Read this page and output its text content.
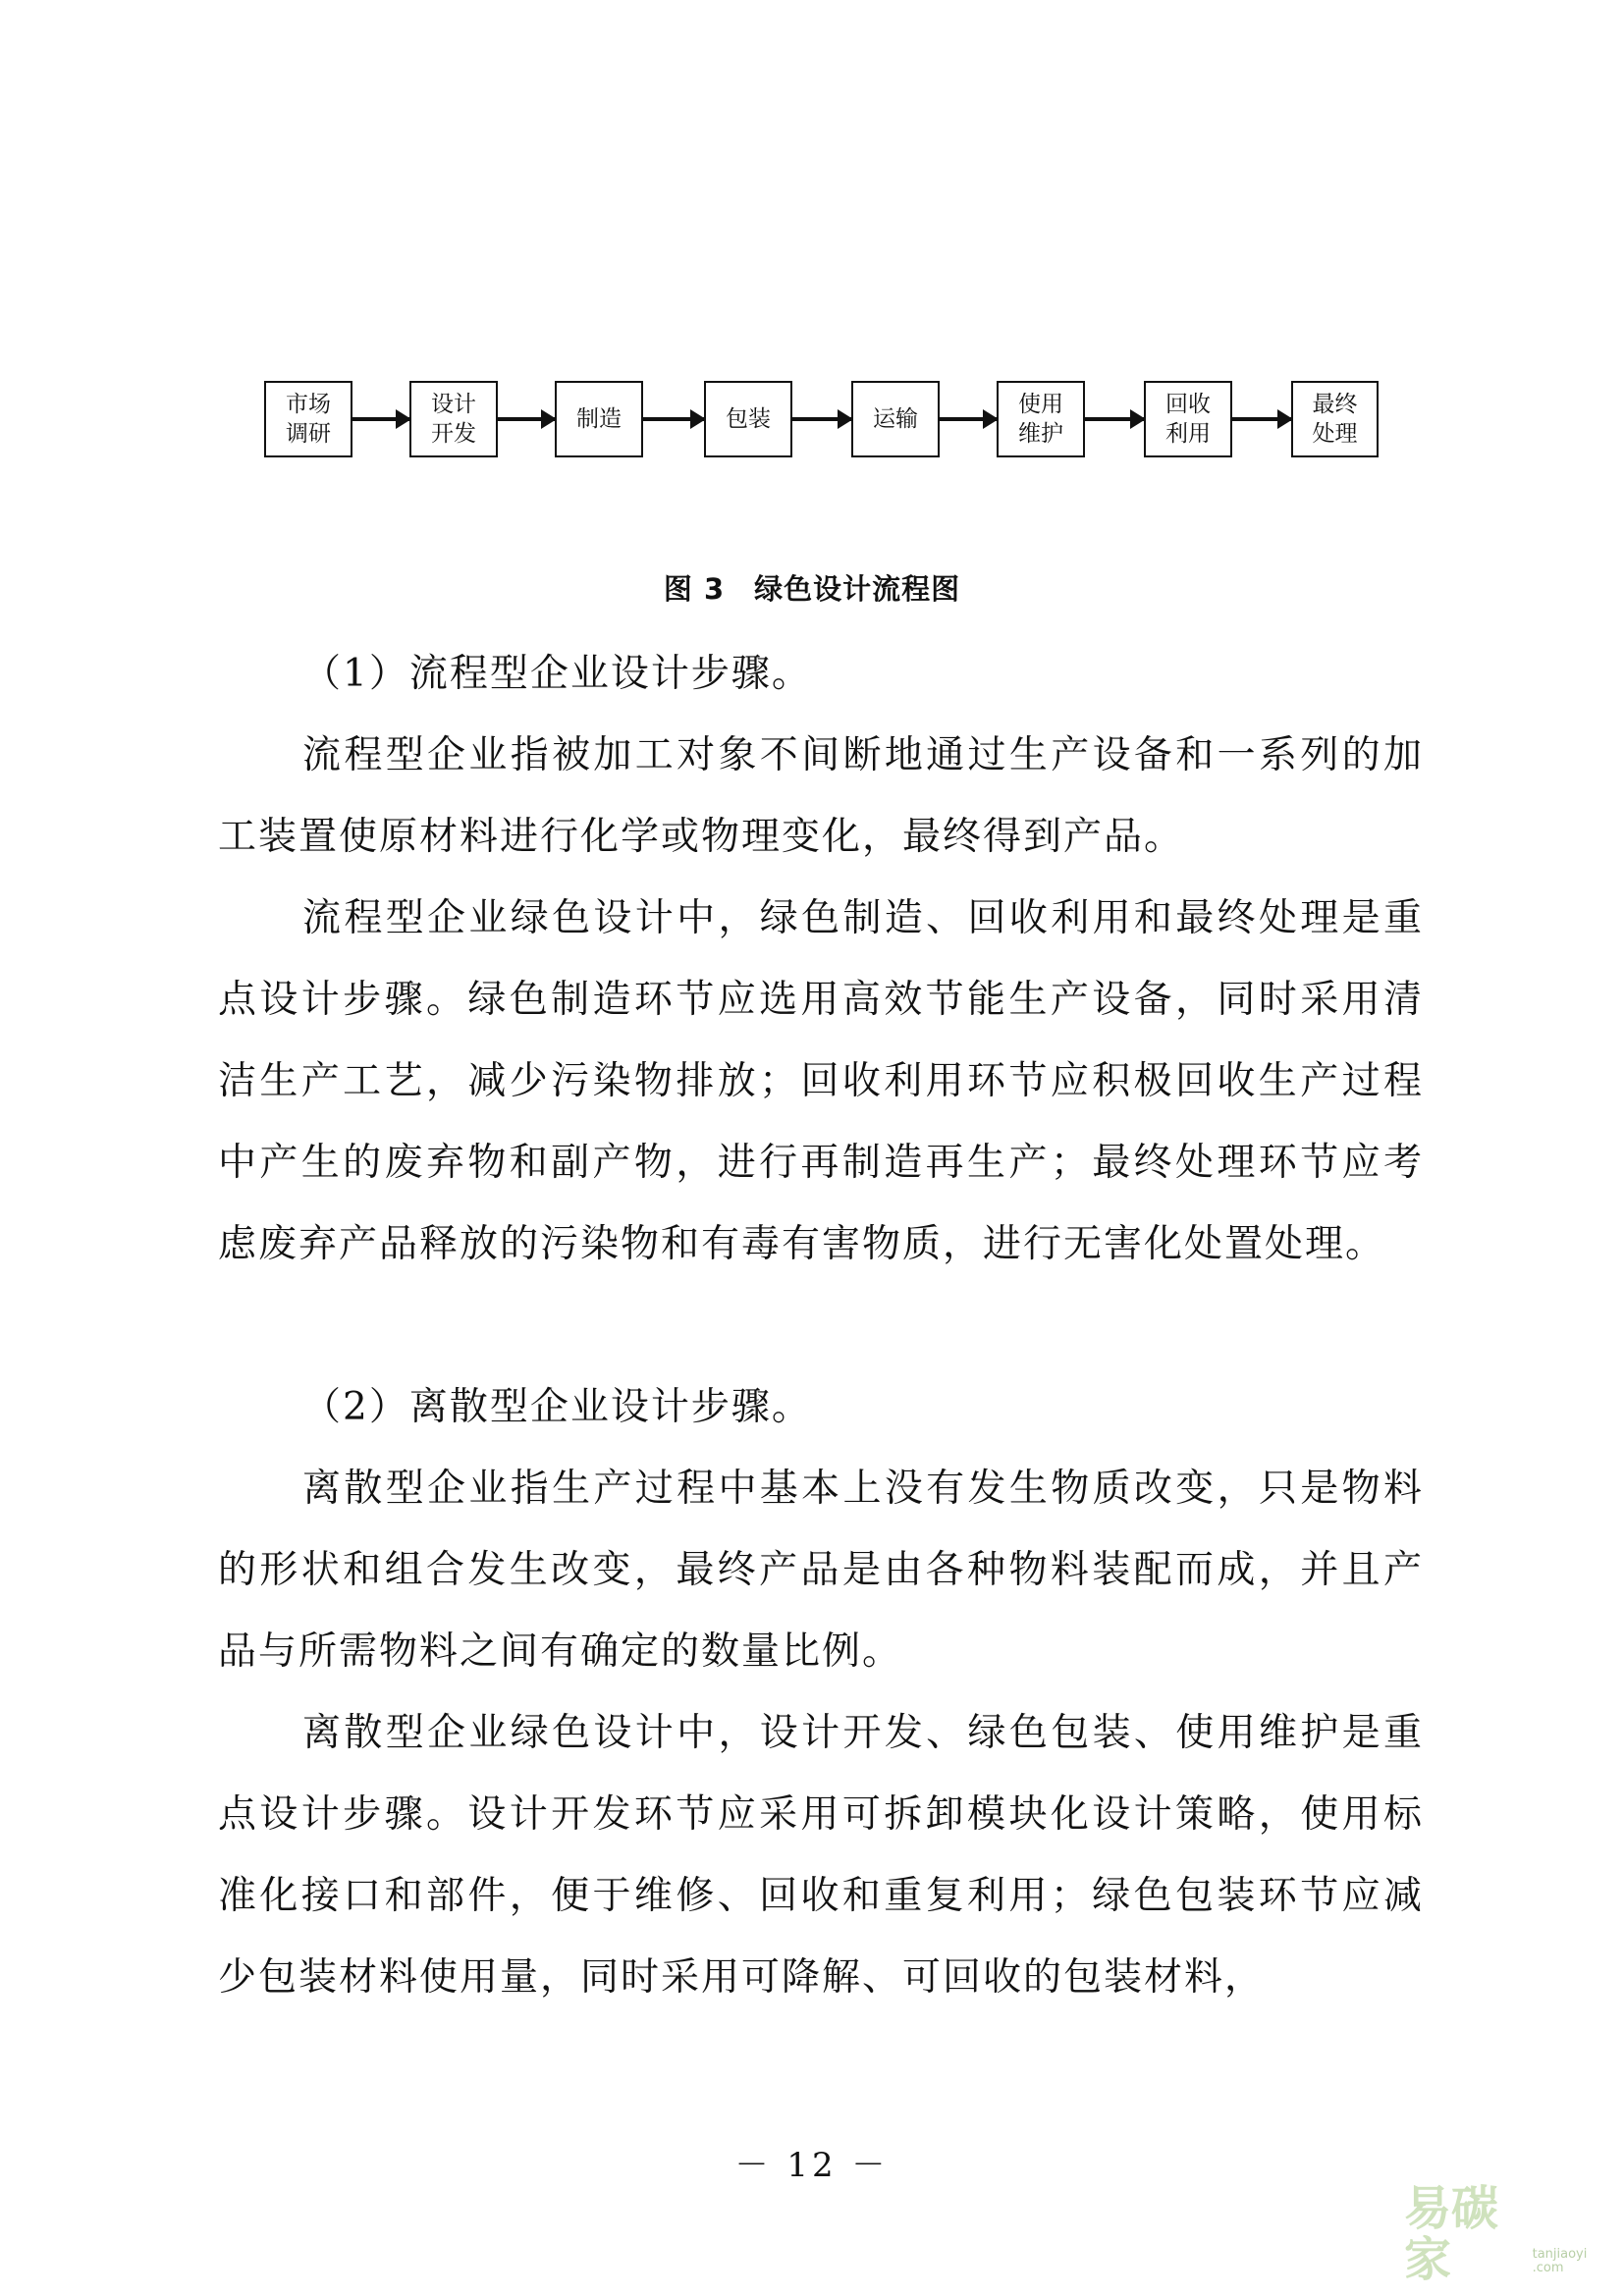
市场
调研
设计
开发
制造	包装	运输
使用
维护
回收
利用
最终
处理
图 3　绿色设计流程图

（1）流程型企业设计步骤。

流程型企业指被加工对象不间断地通过生产设备和一系列的加工装置使原材料进行化学或物理变化，最终得到产品。

流程型企业绿色设计中，绿色制造、回收利用和最终处理是重点设计步骤。绿色制造环节应选用高效节能生产设备，同时采用清洁生产工艺，减少污染物排放；回收利用环节应积极回收生产过程中产生的废弃物和副产物，进行再制造再生产；最终处理环节应考虑废弃产品释放的污染物和有毒有害物质，进行无害化处置处理。

（2）离散型企业设计步骤。

离散型企业指生产过程中基本上没有发生物质改变，只是物料的形状和组合发生改变，最终产品是由各种物料装配而成，并且产品与所需物料之间有确定的数量比例。

离散型企业绿色设计中，设计开发、绿色包装、使用维护是重点设计步骤。设计开发环节应采用可拆卸模块化设计策略，使用标准化接口和部件，便于维修、回收和重复利用；绿色包装环节应减少包装材料使用量，同时采用可降解、可回收的包装材料，

－ 12 －
易碳家	tanjiaoyi .com
